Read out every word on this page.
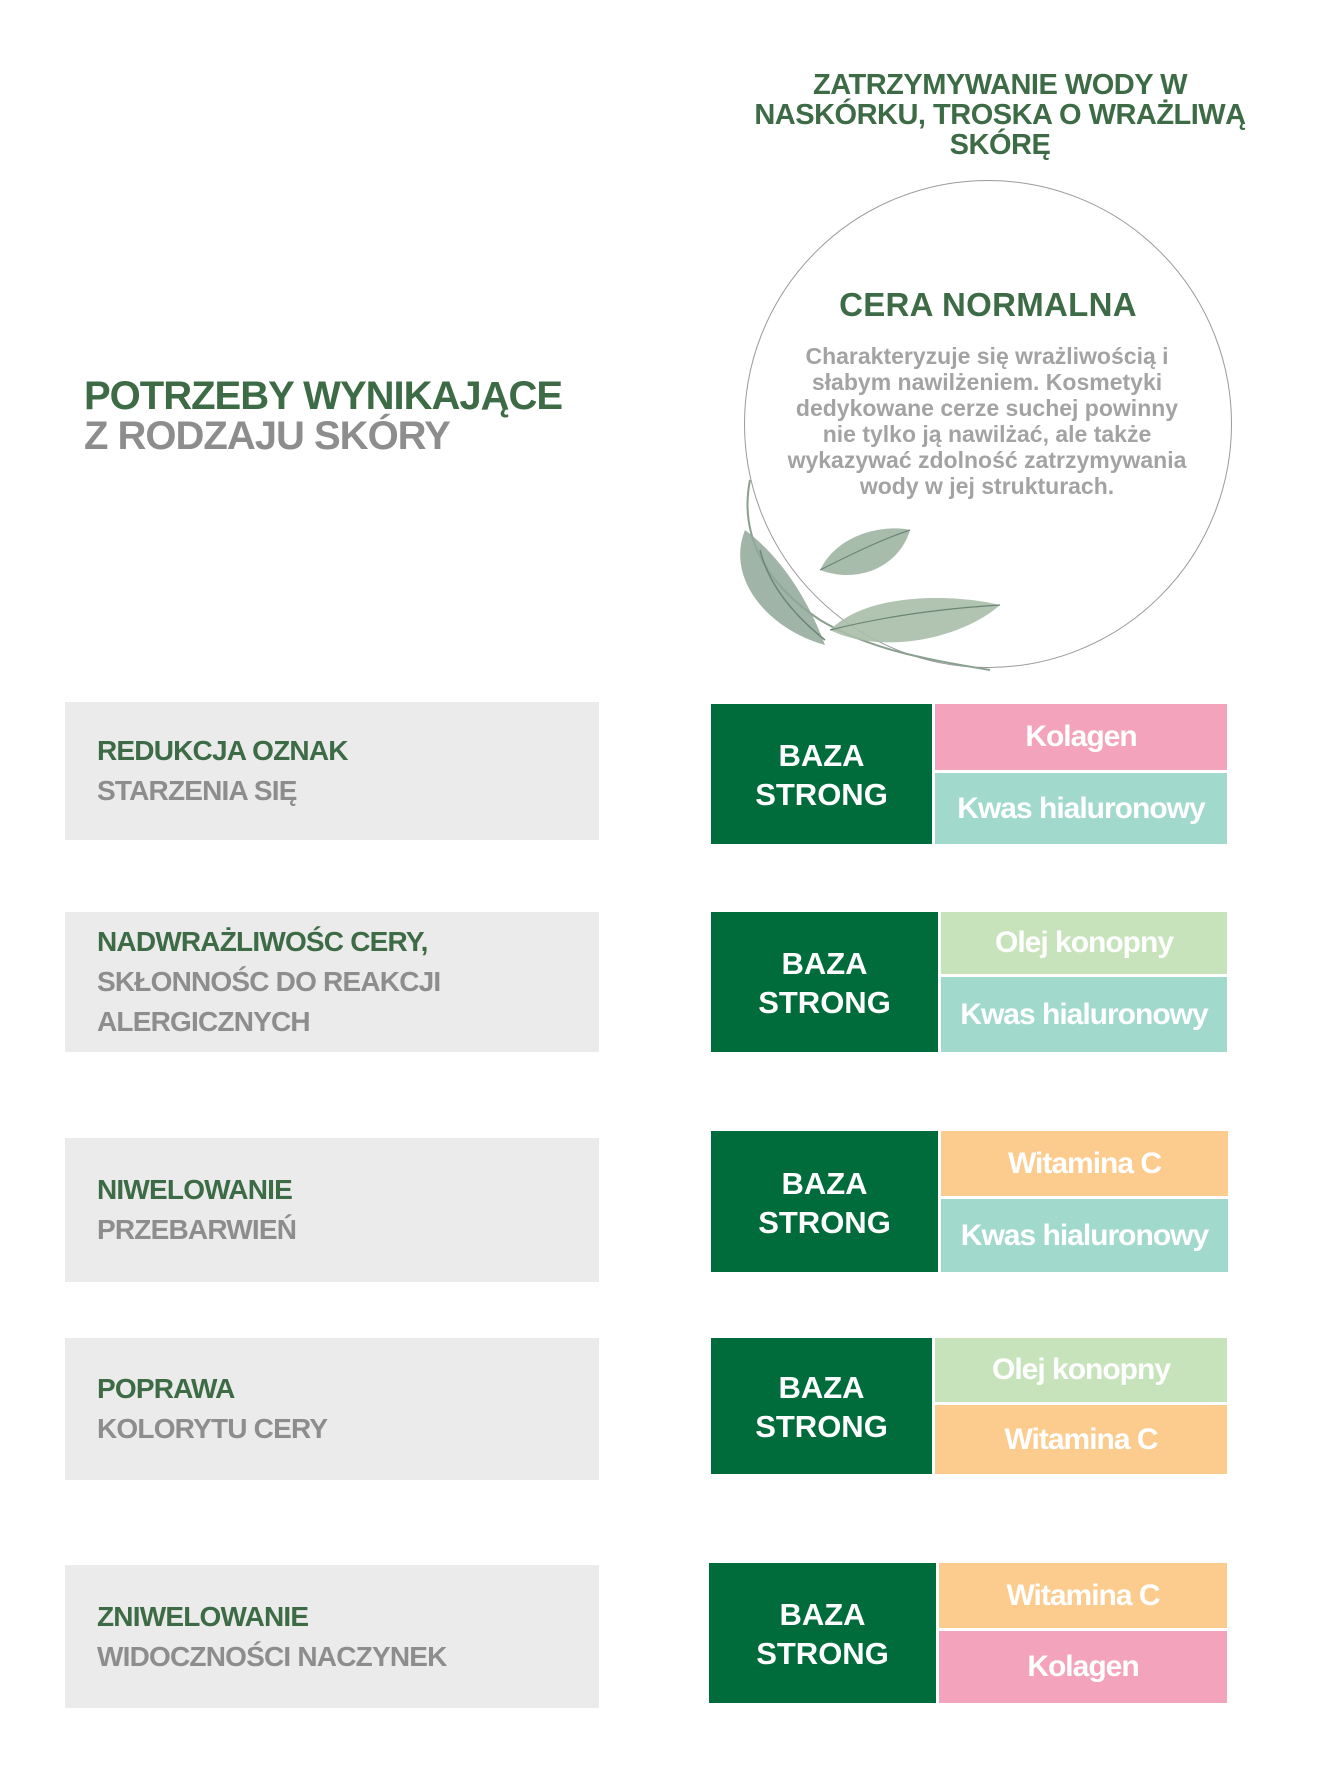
ZATRZYMYWANIE WODY W NASKÓRKU, TROSKA O WRAŻLIWĄ SKÓRĘ
CERA NORMALNA
Charakteryzuje się wrażliwością i słabym nawilżeniem. Kosmetyki dedykowane cerze suchej powinny nie tylko ją nawilżać, ale także wykazywać zdolność zatrzymywania wody w jej strukturach.
POTRZEBY WYNIKAJĄCE
Z RODZAJU SKÓRY
REDUKCJA OZNAK
STARZENIA SIĘ
BAZA
STRONG
Kolagen
Kwas hialuronowy
NADWRAŻLIWOŚC CERY,
SKŁONNOŚC DO REAKCJI
ALERGICZNYCH
BAZA
STRONG
Olej konopny
Kwas hialuronowy
NIWELOWANIE
PRZEBARWIEŃ
BAZA
STRONG
Witamina C
Kwas hialuronowy
POPRAWA
KOLORYTU CERY
BAZA
STRONG
Olej konopny
Witamina C
ZNIWELOWANIE
WIDOCZNOŚCI NACZYNEK
BAZA
STRONG
Witamina C
Kolagen
